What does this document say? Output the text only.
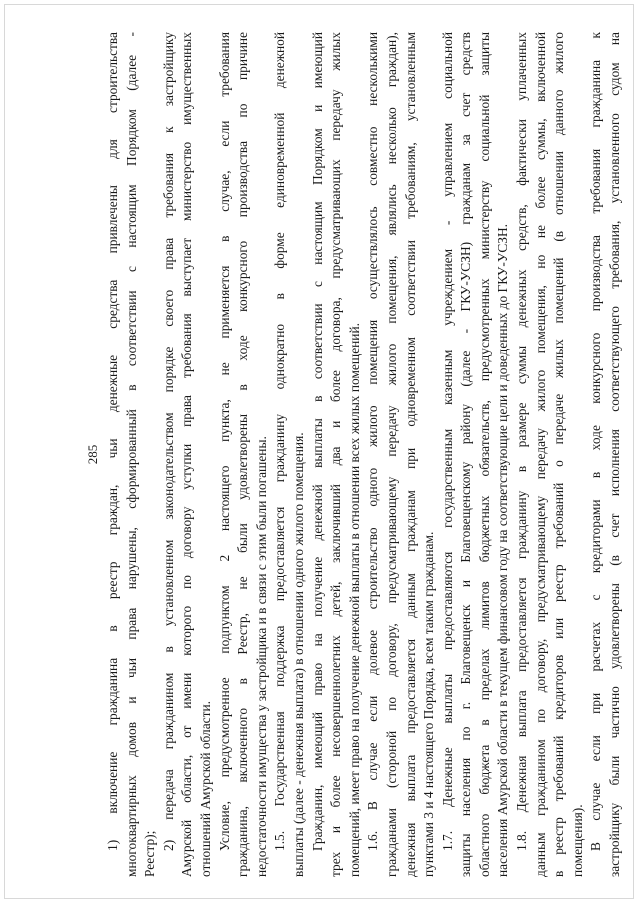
285 1) включение гражданина в реестр граждан, чьи денежные средства привлечены для строительства многоквартирных домов и чьи права нарушены, сформированный в соответствии с настоящим Порядком (далее - Реестр);
2) передача гражданином в установленном законодательством порядке своего права требования к застройщику Амурской области, от имени которого по договору уступки права требования выступает министерство имущественных отношений Амурской области. Условие, предусмотренное подпунктом 2 настоящего пункта, не применяется в случае, если требования гражданина, включенного в Реестр, не были удовлетворены в ходе конкурсного производства по причине недостаточности имущества у застройщика и в связи с этим были погашены. 1.5. Государственная поддержка предоставляется гражданину однократно в форме единовременной денежной выплаты (далее - денежная выплата) в отношении одного жилого помещения. Гражданин, имеющий право на получение денежной выплаты в соответствии с настоящим Порядком и имеющий трех и более несовершеннолетних детей, заключивший два и более договора, предусматривающих передачу жилых помещений, имеет право на получение денежной выплаты в отношении всех жилых помещений. 1.6. В случае если долевое строительство одного жилого помещения осуществлялось совместно несколькими гражданами (стороной по договору, предусматривающему передачу жилого помещения, являлись несколько граждан), денежная выплата предоставляется данным гражданам при одновременном соответствии требованиям, установленным пунктами 3 и 4 настоящего Порядка, всем таким гражданам. 1.7. Денежные выплаты предоставляются государственным казенным учреждением - управлением социальной защиты населения по г. Благовещенск и Благовещенскому району (далее - ГКУ-УСЗН) гражданам за счет средств областного бюджета в пределах лимитов бюджетных обязательств, предусмотренных министерству социальной защиты населения Амурской области в текущем финансовом году на соответствующие цели и доведенных до ГКУ-УСЗН. 1.8. Денежная выплата предоставляется гражданину в размере суммы денежных средств, фактически уплаченных данным гражданином по договору, предусматривающему передачу жилого помещения, но не более суммы, включенной в реестр требований кредиторов или реестр требований о передаче жилых помещений (в отношении данного жилого помещения). В случае если при расчетах с кредиторами в ходе конкурсного производства требования гражданина к застройщику были частично удовлетворены (в счет исполнения соответствующего требования, установленного судом на
